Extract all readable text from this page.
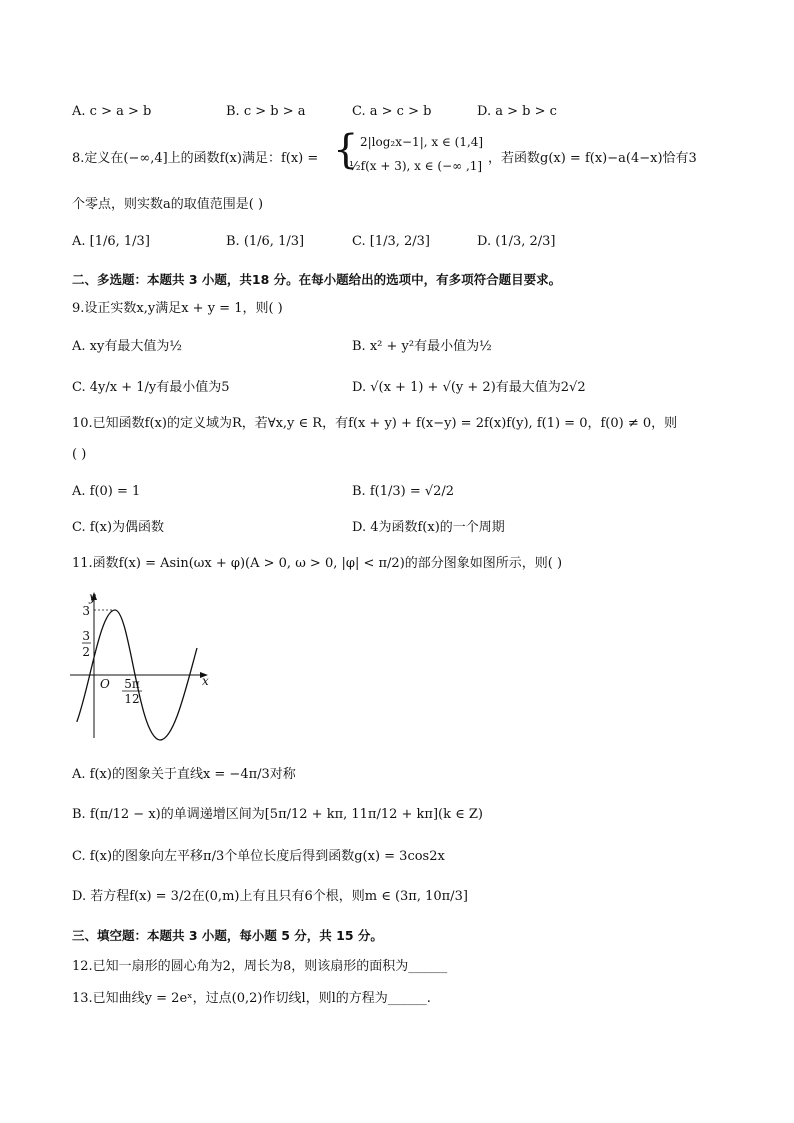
A. c > a > b	B. c > b > a	C. a > c > b	D. a > b > c
8.定义在(−∞,4]上的函数f(x)满足：f(x) = { 2|log₂x−1|, x ∈ (1,4]
½f(x + 3), x ∈ (−∞ ,1] ，若函数g(x) = f(x)−a(4−x)恰有3
个零点，则实数a的取值范围是( )
A. [1/6, 1/3]	B. (1/6, 1/3]	C. [1/3, 2/3]	D. (1/3, 2/3]
二、多选题：本题共 3 小题，共18 分。在每小题给出的选项中，有多项符合题目要求。
9.设正实数x,y满足x + y = 1，则( )
A. xy有最大值为½	B. x² + y²有最小值为½
C. 4y/x + 1/y有最小值为5	D. √(x + 1) + √(y + 2)有最大值为2√2
10.已知函数f(x)的定义域为R，若∀x,y ∈ R，有f(x + y) + f(x−y) = 2f(x)f(y), f(1) = 0，f(0) ≠ 0，则
( )
A. f(0) = 1	B. f(1/3) = √2/2
C. f(x)为偶函数	D. 4为函数f(x)的一个周期
11.函数f(x) = Asin(ωx + φ)(A > 0, ω > 0, |φ| < π/2)的部分图象如图所示，则( )
y
x
O
3
3
2
5π
12
A. f(x)的图象关于直线x = −4π/3对称
B. f(π/12 − x)的单调递增区间为[5π/12 + kπ, 11π/12 + kπ](k ∈ Z)
C. f(x)的图象向左平移π/3个单位长度后得到函数g(x) = 3cos2x
D. 若方程f(x) = 3/2在(0,m)上有且只有6个根，则m ∈ (3π, 10π/3]
三、填空题：本题共 3 小题，每小题 5 分，共 15 分。
12.已知一扇形的圆心角为2，周长为8，则该扇形的面积为______
13.已知曲线y = 2eˣ，过点(0,2)作切线l，则l的方程为______.
